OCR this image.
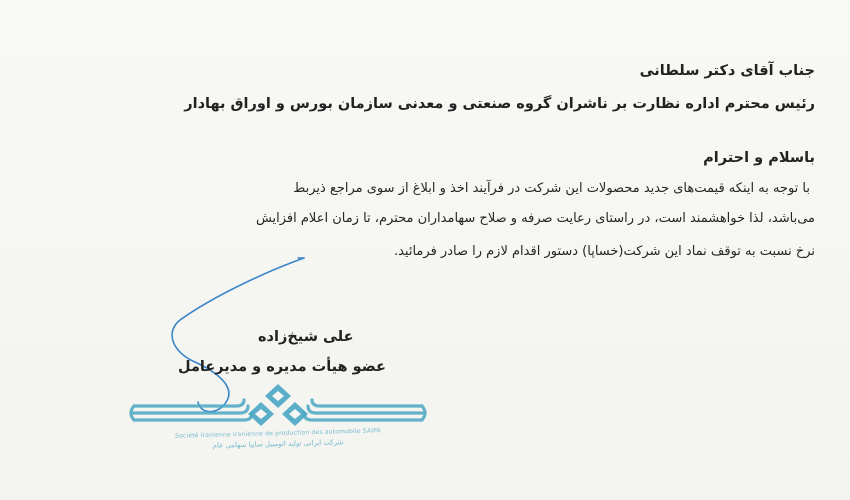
جناب آقای دکتر سلطانی
رئیس محترم اداره نظارت بر ناشران گروه صنعتی و معدنی سازمان بورس و اوراق بهادار
باسلام و احترام
با توجه به اینکه قیمت‌های جدید محصولات این شرکت در فرآیند اخذ و ابلاغ از سوی مراجع ذیربط
می‌باشد، لذا خواهشمند است، در راستای رعایت صرفه و صلاح سهامداران محترم، تا زمان اعلام افزایش
نرخ نسبت به توقف نماد این شرکت(خساپا) دستور اقدام لازم را صادر فرمائید.
علی شیخ‌زاده
عضو هیأت مدیره و مدیرعامل
Société iranienne Iranienne de production des automobile SAIPA
شرکت ایرانی تولید اتومبیل سایپا سهامی عام
